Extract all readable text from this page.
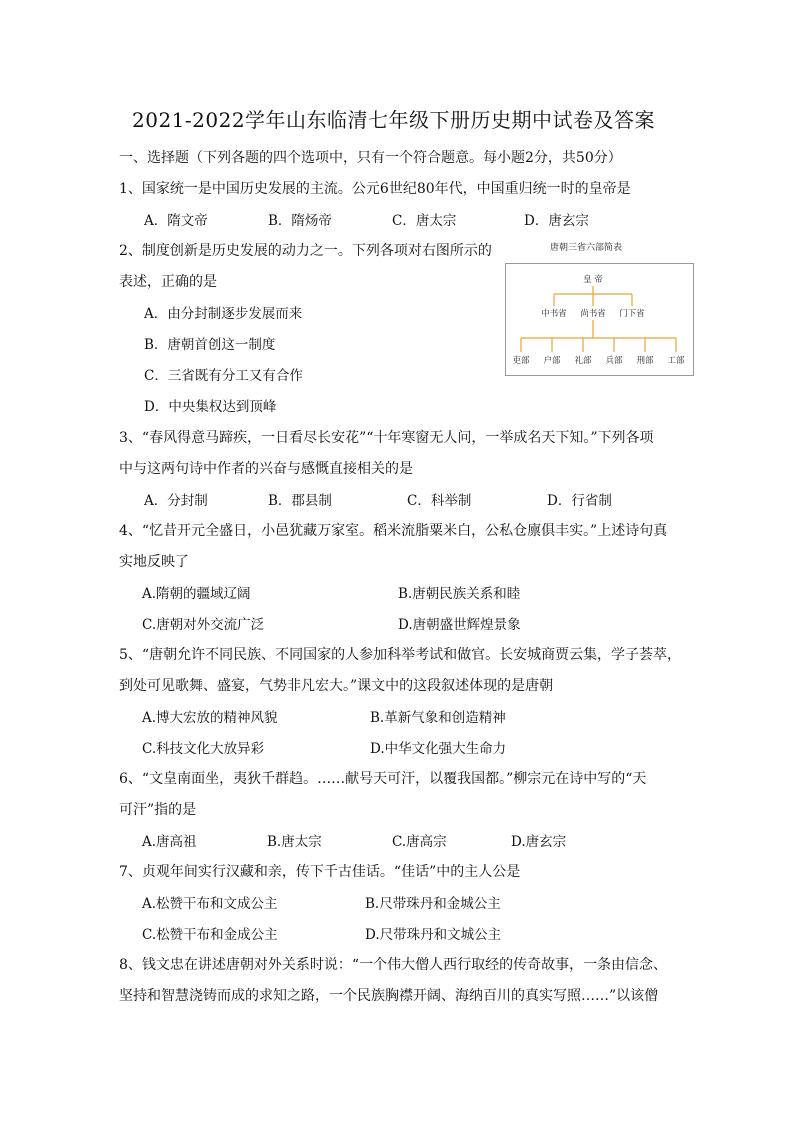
2021-2022学年山东临清七年级下册历史期中试卷及答案
一、选择题（下列各题的四个选项中，只有一个符合题意。每小题2分，共50分）
1、国家统一是中国历史发展的主流。公元6世纪80年代，中国重归统一时的皇帝是
A．隋文帝	B．隋炀帝	C．唐太宗	D．唐玄宗
2、制度创新是历史发展的动力之一。下列各项对右图所示的
表述，正确的是
A．由分封制逐步发展而来
B．唐朝首创这一制度
C．三省既有分工又有合作
D．中央集权达到顶峰
唐朝三省六部简表
皇 帝
中书省 尚书省 门下省
吏部 户部 礼部 兵部 刑部 工部
3、“春风得意马蹄疾，一日看尽长安花”“十年寒窗无人问，一举成名天下知。”下列各项
中与这两句诗中作者的兴奋与感慨直接相关的是
A．分封制	B．郡县制	C．科举制	D．行省制
4、“忆昔开元全盛日，小邑犹藏万家室。稻米流脂粟米白，公私仓廪俱丰实。”上述诗句真
实地反映了
A.隋朝的疆域辽阔	B.唐朝民族关系和睦
C.唐朝对外交流广泛	D.唐朝盛世辉煌景象
5、“唐朝允许不同民族、不同国家的人参加科举考试和做官。长安城商贾云集，学子荟萃，
到处可见歌舞、盛宴，气势非凡宏大。”课文中的这段叙述体现的是唐朝
A.博大宏放的精神风貌	B.革新气象和创造精神
C.科技文化大放异彩	D.中华文化强大生命力
6、“文皇南面坐，夷狄千群趋。……献号天可汗，以覆我国都。”柳宗元在诗中写的“天
可汗”指的是
A.唐高祖	B.唐太宗	C.唐高宗	D.唐玄宗
7、贞观年间实行汉藏和亲，传下千古佳话。“佳话”中的主人公是
A.松赞干布和文成公主	B.尺带珠丹和金城公主
C.松赞干布和金成公主	D.尺带珠丹和文城公主
8、钱文忠在讲述唐朝对外关系时说：“一个伟大僧人西行取经的传奇故事，一条由信念、
坚持和智慧浇铸而成的求知之路，一个民族胸襟开阔、海纳百川的真实写照……”以该僧
